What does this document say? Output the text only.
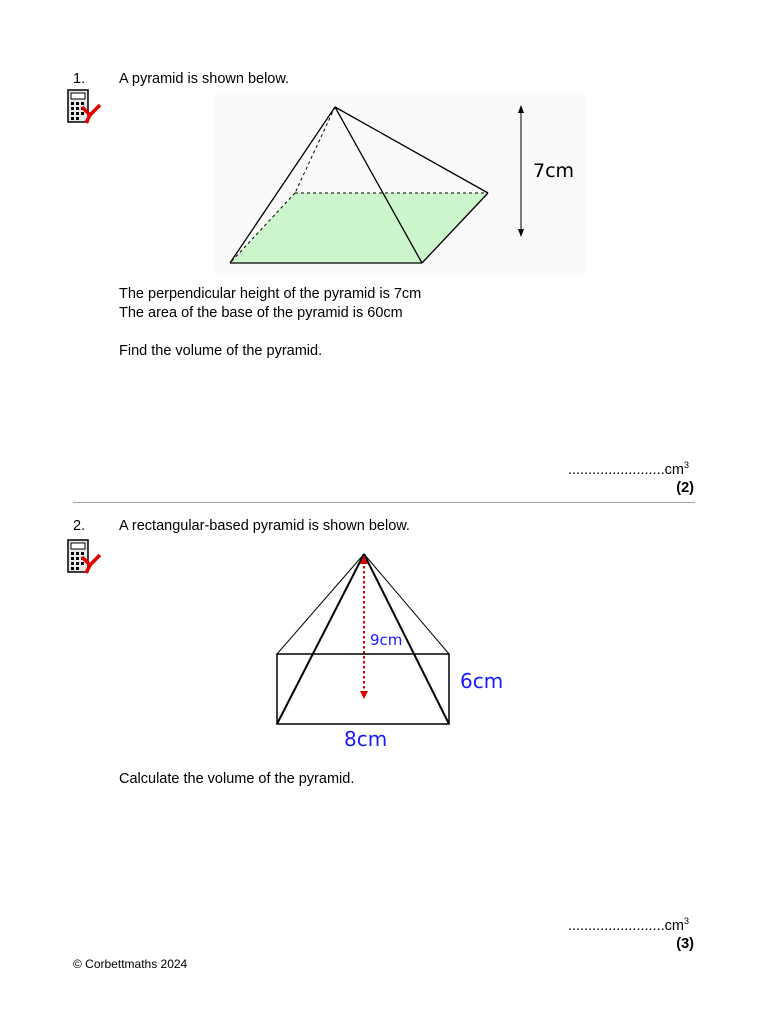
1. A pyramid is shown below.
7cm
The perpendicular height of the pyramid is 7cm
The area of the base of the pyramid is 60cm
Find the volume of the pyramid.
$........................cm^3$
(2)
2. A rectangular-based pyramid is shown below.
9cm
6cm
8cm
Calculate the volume of the pyramid.
$........................cm^3$
(3)
© Corbettmaths 2024
